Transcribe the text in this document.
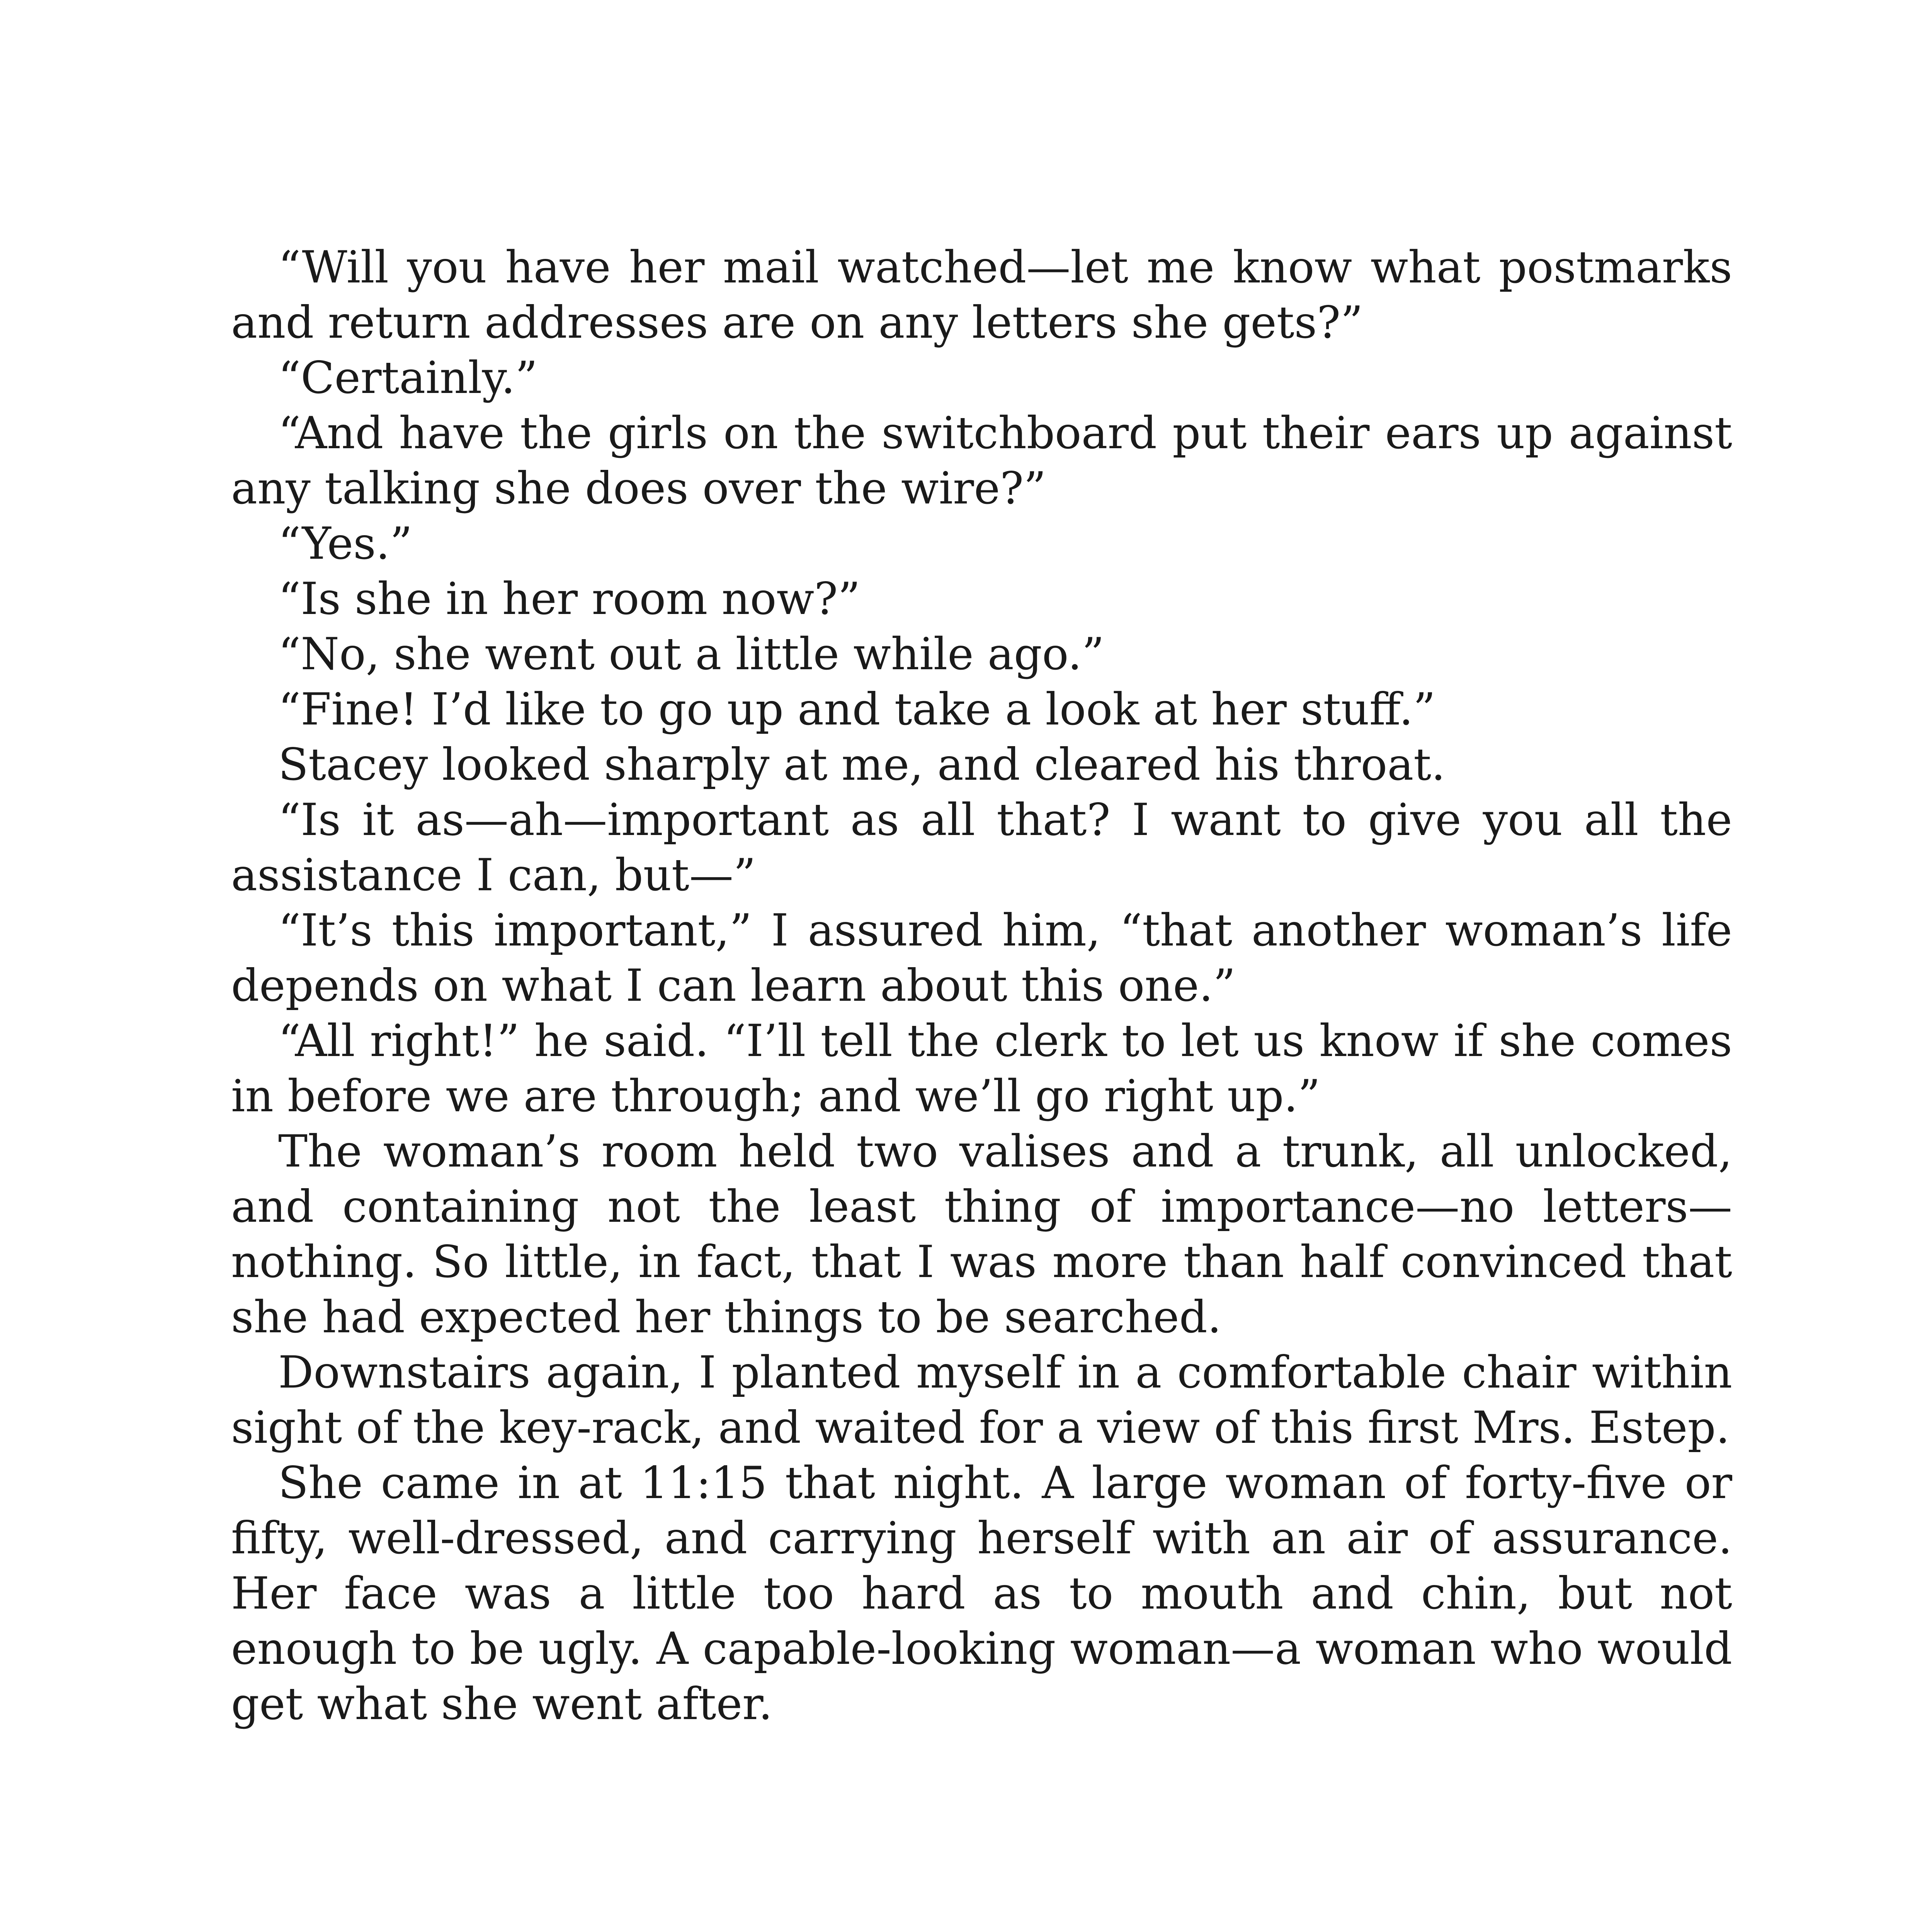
“Will you have her mail watched—let me know what postmarks and return addresses are on any letters she gets?”

“Certainly.”

“And have the girls on the switchboard put their ears up against any talking she does over the wire?”

“Yes.”

“Is she in her room now?”

“No, she went out a little while ago.”

“Fine! I’d like to go up and take a look at her stuff.”

Stacey looked sharply at me, and cleared his throat.

“Is it as—ah—important as all that? I want to give you all the assistance I can, but—”

“It’s this important,” I assured him, “that another woman’s life depends on what I can learn about this one.”

“All right!” he said. “I’ll tell the clerk to let us know if she comes in before we are through; and we’ll go right up.”

The woman’s room held two valises and a trunk, all unlocked, and containing not the least thing of importance—no letters—nothing. So little, in fact, that I was more than half convinced that she had expected her things to be searched.

Downstairs again, I planted myself in a comfortable chair within sight of the key-rack, and waited for a view of this first Mrs. Estep.

She came in at 11:15 that night. A large woman of forty-five or fifty, well-dressed, and carrying herself with an air of assurance. Her face was a little too hard as to mouth and chin, but not enough to be ugly. A capable-looking woman—a woman who would get what she went after.
